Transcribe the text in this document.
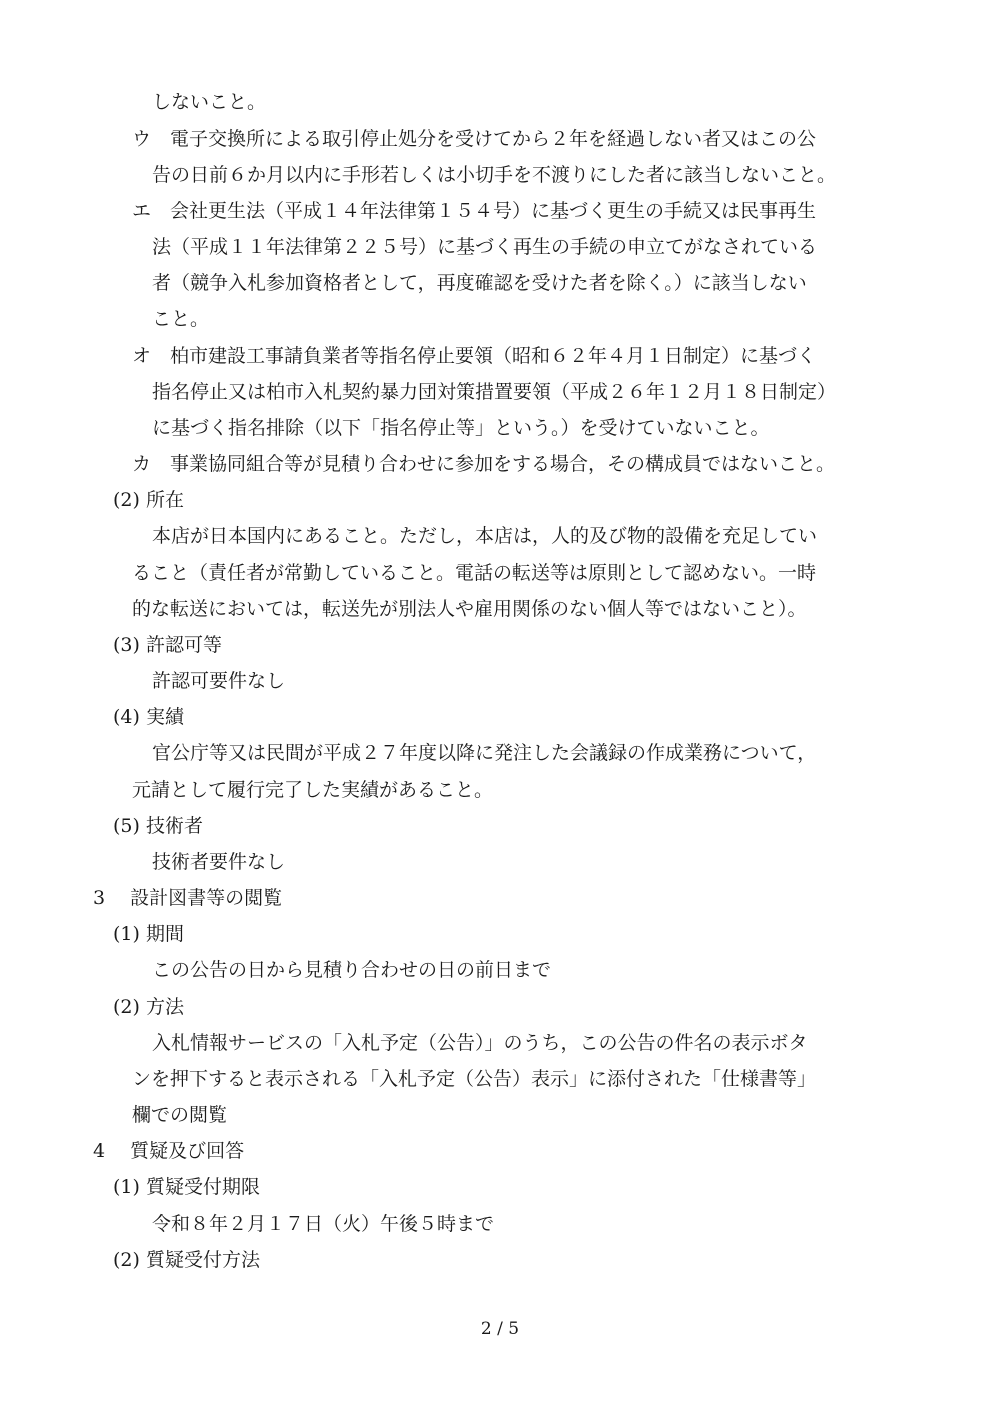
しないこと。
ウ　電子交換所による取引停止処分を受けてから２年を経過しない者又はこの公
告の日前６か月以内に手形若しくは小切手を不渡りにした者に該当しないこと。
エ　会社更生法（平成１４年法律第１５４号）に基づく更生の手続又は民事再生
法（平成１１年法律第２２５号）に基づく再生の手続の申立てがなされている
者（競争入札参加資格者として，再度確認を受けた者を除く。）に該当しない
こと。
オ　柏市建設工事請負業者等指名停止要領（昭和６２年４月１日制定）に基づく
指名停止又は柏市入札契約暴力団対策措置要領（平成２６年１２月１８日制定）
に基づく指名排除（以下「指名停止等」という。）を受けていないこと。
カ　事業協同組合等が見積り合わせに参加をする場合，その構成員ではないこと。
(2) 所在
本店が日本国内にあること。ただし，本店は，人的及び物的設備を充足してい
ること（責任者が常勤していること。電話の転送等は原則として認めない。一時
的な転送においては，転送先が別法人や雇用関係のない個人等ではないこと）。
(3) 許認可等
許認可要件なし
(4) 実績
官公庁等又は民間が平成２７年度以降に発注した会議録の作成業務について，
元請として履行完了した実績があること。
(5) 技術者
技術者要件なし
3　 設計図書等の閲覧
(1) 期間
この公告の日から見積り合わせの日の前日まで
(2) 方法
入札情報サービスの「入札予定（公告）」のうち，この公告の件名の表示ボタ
ンを押下すると表示される「入札予定（公告）表示」に添付された「仕様書等」
欄での閲覧
4　 質疑及び回答
(1) 質疑受付期限
令和８年２月１７日（火）午後５時まで
(2) 質疑受付方法
2 / 5
